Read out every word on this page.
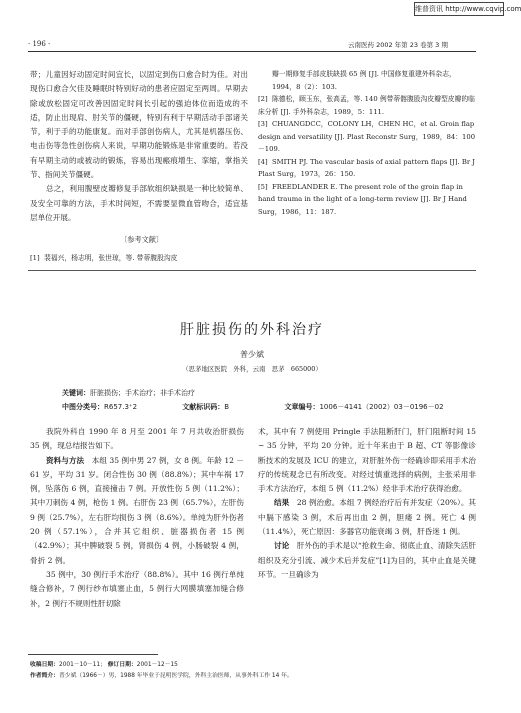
维普资讯 http://www.cqvip.com
· 196 ·	云南医药 2002 年第 23 卷第 3 期

带；儿童因好动固定时间宜长，以固定到伤口愈合时为佳。对出现伤口愈合欠佳及睡眠时特别好动的患者应固定至两周。早期去除或放松固定可改善因固定时间长引起的强迫体位而造成的不适，防止出现肩、肘关节的僵硬，特别有利于早期活动手部诸关节，利于手的功能康复。而对手部创伤病人，尤其是机器压伤、电击伤等急性创伤病人来说，早期功能锻炼是非常重要的。若没有早期主动的或被动的锻炼，容易出现瘢痕增生、挛缩，掌指关节、指间关节僵硬。

总之，利用腹壁皮瓣修复手部软组织缺损是一种比较简单、及安全可靠的方法，手术时间短，不需要显微血管吻合，适宜基层单位开展。

〔参考文献〕

[1] 裴福兴，杨志明，张世琼，等. 带蒂腹股沟皮

瓣一期修复手部皮肤缺损 65 例 [J]. 中国修复重建外科杂志，1994，8（2）：103.

[2] 陈德松，顾玉东，张高孟，等. 140 例带蒂髂腹股沟皮瓣型皮瓣的临床分析 [J]. 手外科杂志，1989，5：111.

[3] CHUANGDCC，COLONY LH，CHEN HC，et al. Groin flap design and versatility [J]. Plast Reconstr Surg，1989，84：100－109.

[4] SMITH PJ. The vascular basis of axial pattern flaps [J]. Br J Plast Surg，1973，26：150.

[5] FREEDLANDER E. The present role of the groin flap in hand trauma in the light of a long-term review [J]. Br J Hand Surg，1986，11：187.

肝脏损伤的外科治疗
普少斌
（思茅地区医院　外科，云南　思茅　665000）
关键词：肝脏损伤；手术治疗；非手术治疗
中图分类号：R657.3⁺2	文献标识码：B	文章编号：1006－4141（2002）03－0196－02

我院外科自 1990 年 8 月至 2001 年 7 月共收治肝损伤 35 例，现总结报告如下。

资料与方法　 本组 35 例中男 27 例，女 8 例。年龄 12 － 61 岁，平均 31 岁。闭合性伤 30 例（88.8%）；其中车祸 17 例，坠落伤 6 例，直接撞击 7 例。开放性伤 5 例（11.2%）；其中刀刺伤 4 例，枪伤 1 例。右肝伤 23 例（65.7%），左肝伤 9 例（25.7%），左右肝均损伤 3 例（8.6%）。单纯为肝外伤者 20 例（57.1%），合并其它组织、脏器损伤者 15 例（42.9%）；其中脾破裂 5 例，肾损伤 4 例，小肠破裂 4 例，骨折 2 例。

35 例中，30 例行手术治疗（88.8%）。其中 16 例行单纯缝合修补，7 例行纱布填塞止血，5 例行大网膜填塞加缝合修补，2 例行不规则性肝切除

术，其中有 7 例使用 Pringle 手法阻断肝门，肝门阻断时间 15 ~ 35 分钟，平均 20 分钟。近十年来由于 B 超、CT 等影像诊断技术的发展及 ICU 的建立，对肝脏外伤一经确诊即采用手术治疗的传统观念已有所改变。对经过慎重选择的病例，主张采用非手术方法治疗，本组 5 例（11.2%）经非手术治疗获得治愈。

结果　 28 例治愈。本组 7 例经治疗后有并发症（20%）。其中膈下感染 3 例，术后再出血 2 例，胆瘘 2 例。死亡 4 例（11.4%），死亡原因：多器官功能衰竭 3 例，肝昏迷 1 例。

讨论　 肝外伤的手术是以“抢救生命、彻底止血、清除失活肝组织及充分引流、减少术后并发症”[1]为目的，其中止血是关键环节。一旦确诊为

收稿日期：2001－10－11； 修订日期：2001－12－15
作者简介：普少斌（1966－）男，1988 年毕业于昆明医学院，外科主治医师，从事外科工作 14 年。
